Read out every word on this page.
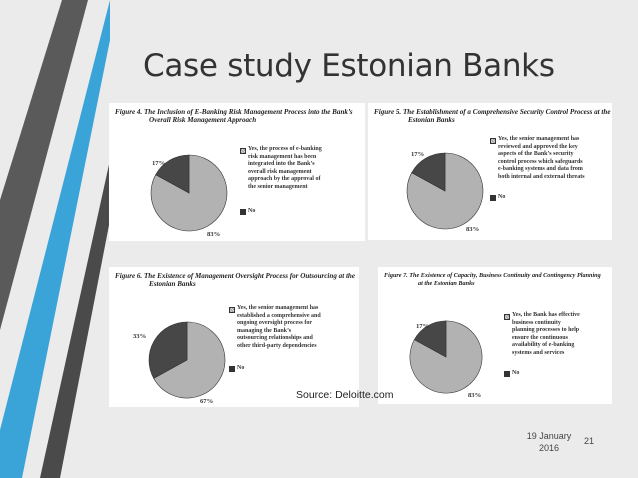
Case study Estonian Banks
Figure 4. The Inclusion of E-Banking Risk Management Process into the Bank’s
Overall Risk Management Approach
17%
83%
Yes, the process of e-banking
risk management has been
integrated into the Bank’s
overall risk management
approach by the approval of
the senior management
No
Figure 5. The Establishment of a Comprehensive Security Control Process at the
Estonian Banks
17%
83%
Yes, the senior management has
reviewed and approved the key
aspects of the Bank’s security
control process which safeguards
e-banking systems and data from
both internal and external threats
No
Figure 6. The Existence of Management Oversight Process for Outsourcing at the
Estonian Banks
33%
67%
Yes, the senior management has
established a comprehensive and
ongoing oversight process for
managing the Bank’s
outsourcing relationships and
other third-party dependencies
No
Figure 7. The Existence of Capacity, Business Continuity and Contingency Planning
at the Estonian Banks
17%
83%
Yes, the Bank has effective
business continuity
planning processes to help
ensure the continuous
availability of e-banking
systems and services
No
Source: Deloitte.com
19 January
2016
21
